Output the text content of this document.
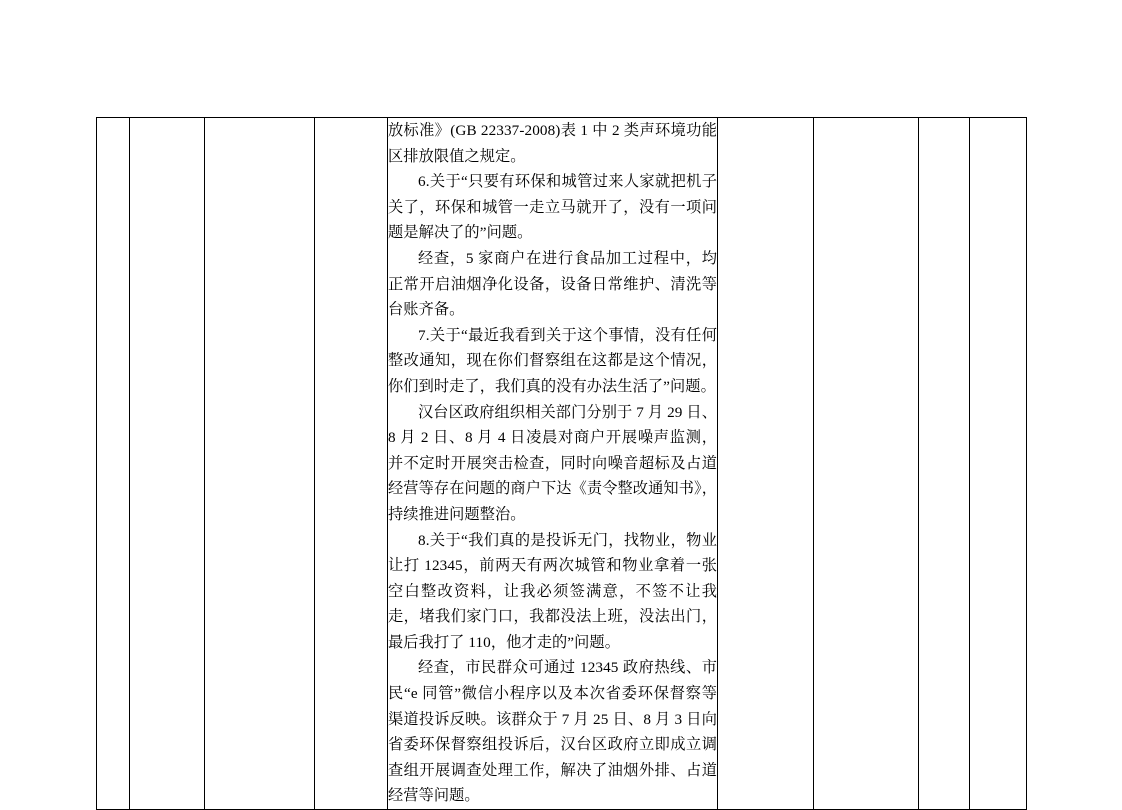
放标准》(GB 22337-2008)表 1 中 2 类声环境功能区排放限值之规定。

6.关于“只要有环保和城管过来人家就把机子关了，环保和城管一走立马就开了，没有一项问题是解决了的”问题。

经查，5 家商户在进行食品加工过程中，均正常开启油烟净化设备，设备日常维护、清洗等台账齐备。

7.关于“最近我看到关于这个事情，没有任何整改通知，现在你们督察组在这都是这个情况，你们到时走了，我们真的没有办法生活了”问题。

汉台区政府组织相关部门分别于 7 月 29 日、8 月 2 日、8 月 4 日凌晨对商户开展噪声监测，并不定时开展突击检查，同时向噪音超标及占道经营等存在问题的商户下达《责令整改通知书》，持续推进问题整治。

8.关于“我们真的是投诉无门，找物业，物业让打 12345，前两天有两次城管和物业拿着一张空白整改资料，让我必须签满意，不签不让我走，堵我们家门口，我都没法上班，没法出门，最后我打了 110，他才走的”问题。

经查，市民群众可通过 12345 政府热线、市民“e 同管”微信小程序以及本次省委环保督察等渠道投诉反映。该群众于 7 月 25 日、8 月 3 日向省委环保督察组投诉后，汉台区政府立即成立调查组开展调查处理工作，解决了油烟外排、占道经营等问题。
